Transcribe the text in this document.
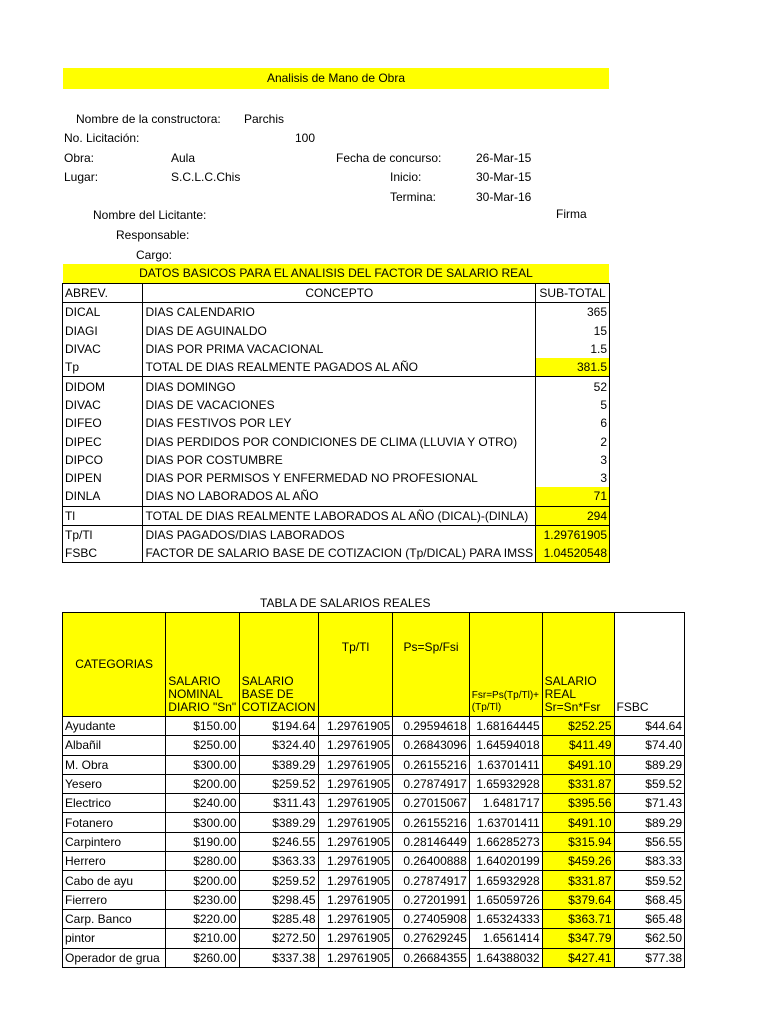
Analisis de Mano de Obra
Nombre de la constructora: Parchis
No. Licitación:	100
Obra:	Aula	Fecha de concurso:	26-Mar-15
Lugar:	S.C.L.C.Chis	Inicio:	30-Mar-15
Termina:	30-Mar-16
Nombre del Licitante:	Firma
Responsable:
Cargo:
DATOS BASICOS PARA EL ANALISIS DEL FACTOR DE SALARIO REAL
ABREV.	CONCEPTO	SUB-TOTAL
DICAL	DIAS CALENDARIO	365
DIAGI	DIAS DE AGUINALDO	15
DIVAC	DIAS POR PRIMA VACACIONAL	1.5
Tp	TOTAL DE DIAS REALMENTE PAGADOS AL AÑO	381.5
DIDOM	DIAS DOMINGO	52
DIVAC	DIAS DE VACACIONES	5
DIFEO	DIAS FESTIVOS POR LEY	6
DIPEC	DIAS PERDIDOS POR CONDICIONES DE CLIMA (LLUVIA Y OTRO)	2
DIPCO	DIAS POR COSTUMBRE	3
DIPEN	DIAS POR PERMISOS Y ENFERMEDAD NO PROFESIONAL	3
DINLA	DIAS NO LABORADOS AL AÑO	71
Tl	TOTAL DE DIAS REALMENTE LABORADOS AL AÑO (DICAL)-(DINLA)	294
Tp/Tl	DIAS PAGADOS/DIAS LABORADOS	1.29761905
FSBC	FACTOR DE SALARIO BASE DE COTIZACION (Tp/DICAL) PARA IMSS	1.04520548
TABLA DE SALARIOS REALES
CATEGORIAS	SALARIO NOMINAL DIARIO "Sn"	SALARIO BASE DE COTIZACION	Tp/Tl	Ps=Sp/Fsi	Fsr=Ps(Tp/Tl)+(Tp/Tl)	SALARIO REAL Sr=Sn*Fsr	FSBC
Ayudante	$150.00	$194.64	1.29761905	0.29594618	1.68164445	$252.25	$44.64
Albañil	$250.00	$324.40	1.29761905	0.26843096	1.64594018	$411.49	$74.40
M. Obra	$300.00	$389.29	1.29761905	0.26155216	1.63701411	$491.10	$89.29
Yesero	$200.00	$259.52	1.29761905	0.27874917	1.65932928	$331.87	$59.52
Electrico	$240.00	$311.43	1.29761905	0.27015067	1.6481717	$395.56	$71.43
Fotanero	$300.00	$389.29	1.29761905	0.26155216	1.63701411	$491.10	$89.29
Carpintero	$190.00	$246.55	1.29761905	0.28146449	1.66285273	$315.94	$56.55
Herrero	$280.00	$363.33	1.29761905	0.26400888	1.64020199	$459.26	$83.33
Cabo de ayu	$200.00	$259.52	1.29761905	0.27874917	1.65932928	$331.87	$59.52
Fierrero	$230.00	$298.45	1.29761905	0.27201991	1.65059726	$379.64	$68.45
Carp. Banco	$220.00	$285.48	1.29761905	0.27405908	1.65324333	$363.71	$65.48
pintor	$210.00	$272.50	1.29761905	0.27629245	1.6561414	$347.79	$62.50
Operador de grua	$260.00	$337.38	1.29761905	0.26684355	1.64388032	$427.41	$77.38
